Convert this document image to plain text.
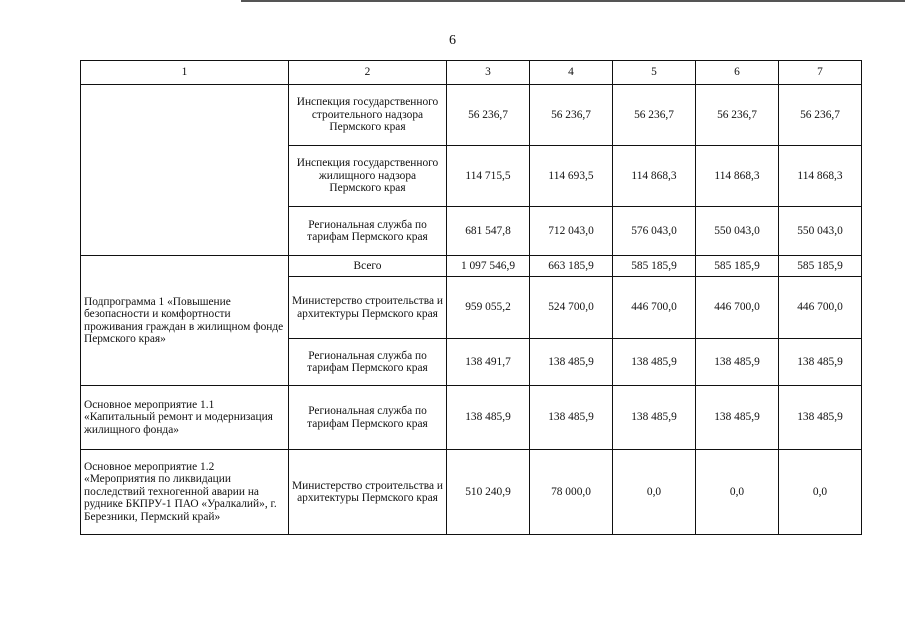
6
1	2	3	4	5	6	7
	Инспекция государственного строительного надзора Пермского края	56 236,7	56 236,7	56 236,7	56 236,7	56 236,7
	Инспекция государственного жилищного надзора Пермского края	114 715,5	114 693,5	114 868,3	114 868,3	114 868,3
	Региональная служба по тарифам Пермского края	681 547,8	712 043,0	576 043,0	550 043,0	550 043,0
Подпрограмма 1 «Повышение безопасности и комфортности проживания граждан в жилищном фонде Пермского края»	Всего	1 097 546,9	663 185,9	585 185,9	585 185,9	585 185,9
	Министерство строительства и архитектуры Пермского края	959 055,2	524 700,0	446 700,0	446 700,0	446 700,0
	Региональная служба по тарифам Пермского края	138 491,7	138 485,9	138 485,9	138 485,9	138 485,9
Основное мероприятие 1.1 «Капитальный ремонт и модернизация жилищного фонда»	Региональная служба по тарифам Пермского края	138 485,9	138 485,9	138 485,9	138 485,9	138 485,9
Основное мероприятие 1.2 «Мероприятия по ликвидации последствий техногенной аварии на руднике БКПРУ-1 ПАО «Уралкалий», г. Березники, Пермский край»	Министерство строительства и архитектуры Пермского края	510 240,9	78 000,0	0,0	0,0	0,0
